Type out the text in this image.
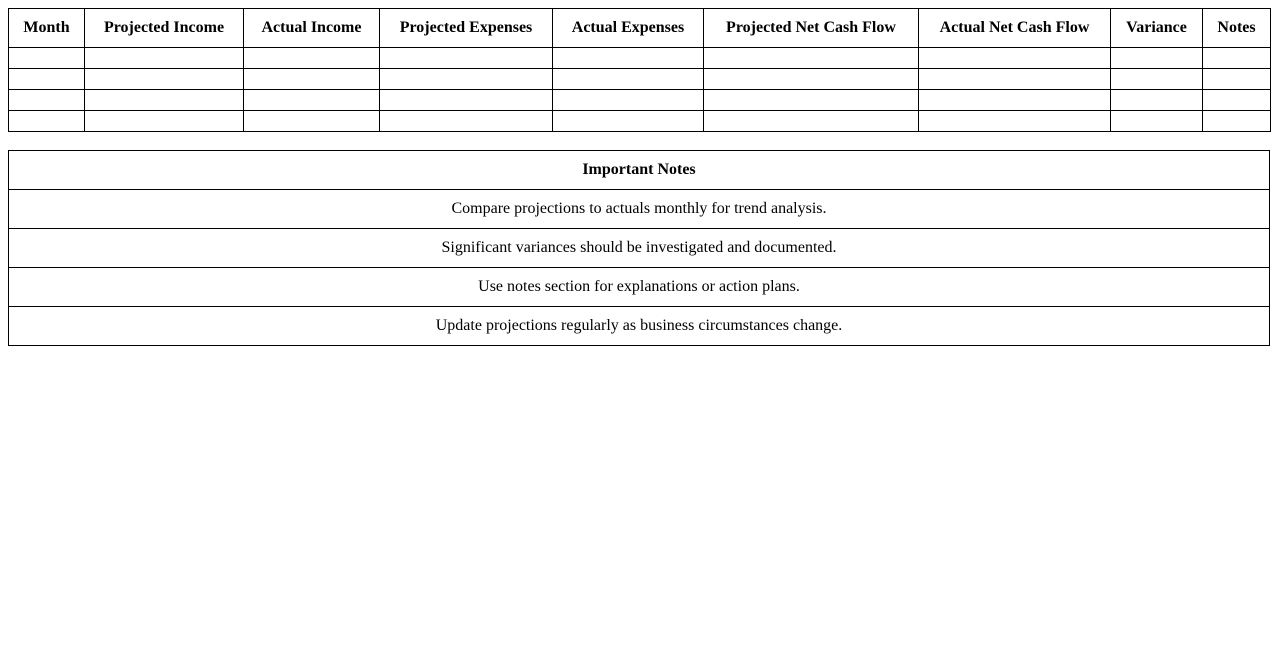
Month	Projected Income	Actual Income	Projected Expenses	Actual Expenses	Projected Net Cash Flow	Actual Net Cash Flow	Variance	Notes

Important Notes
Compare projections to actuals monthly for trend analysis.
Significant variances should be investigated and documented.
Use notes section for explanations or action plans.
Update projections regularly as business circumstances change.
